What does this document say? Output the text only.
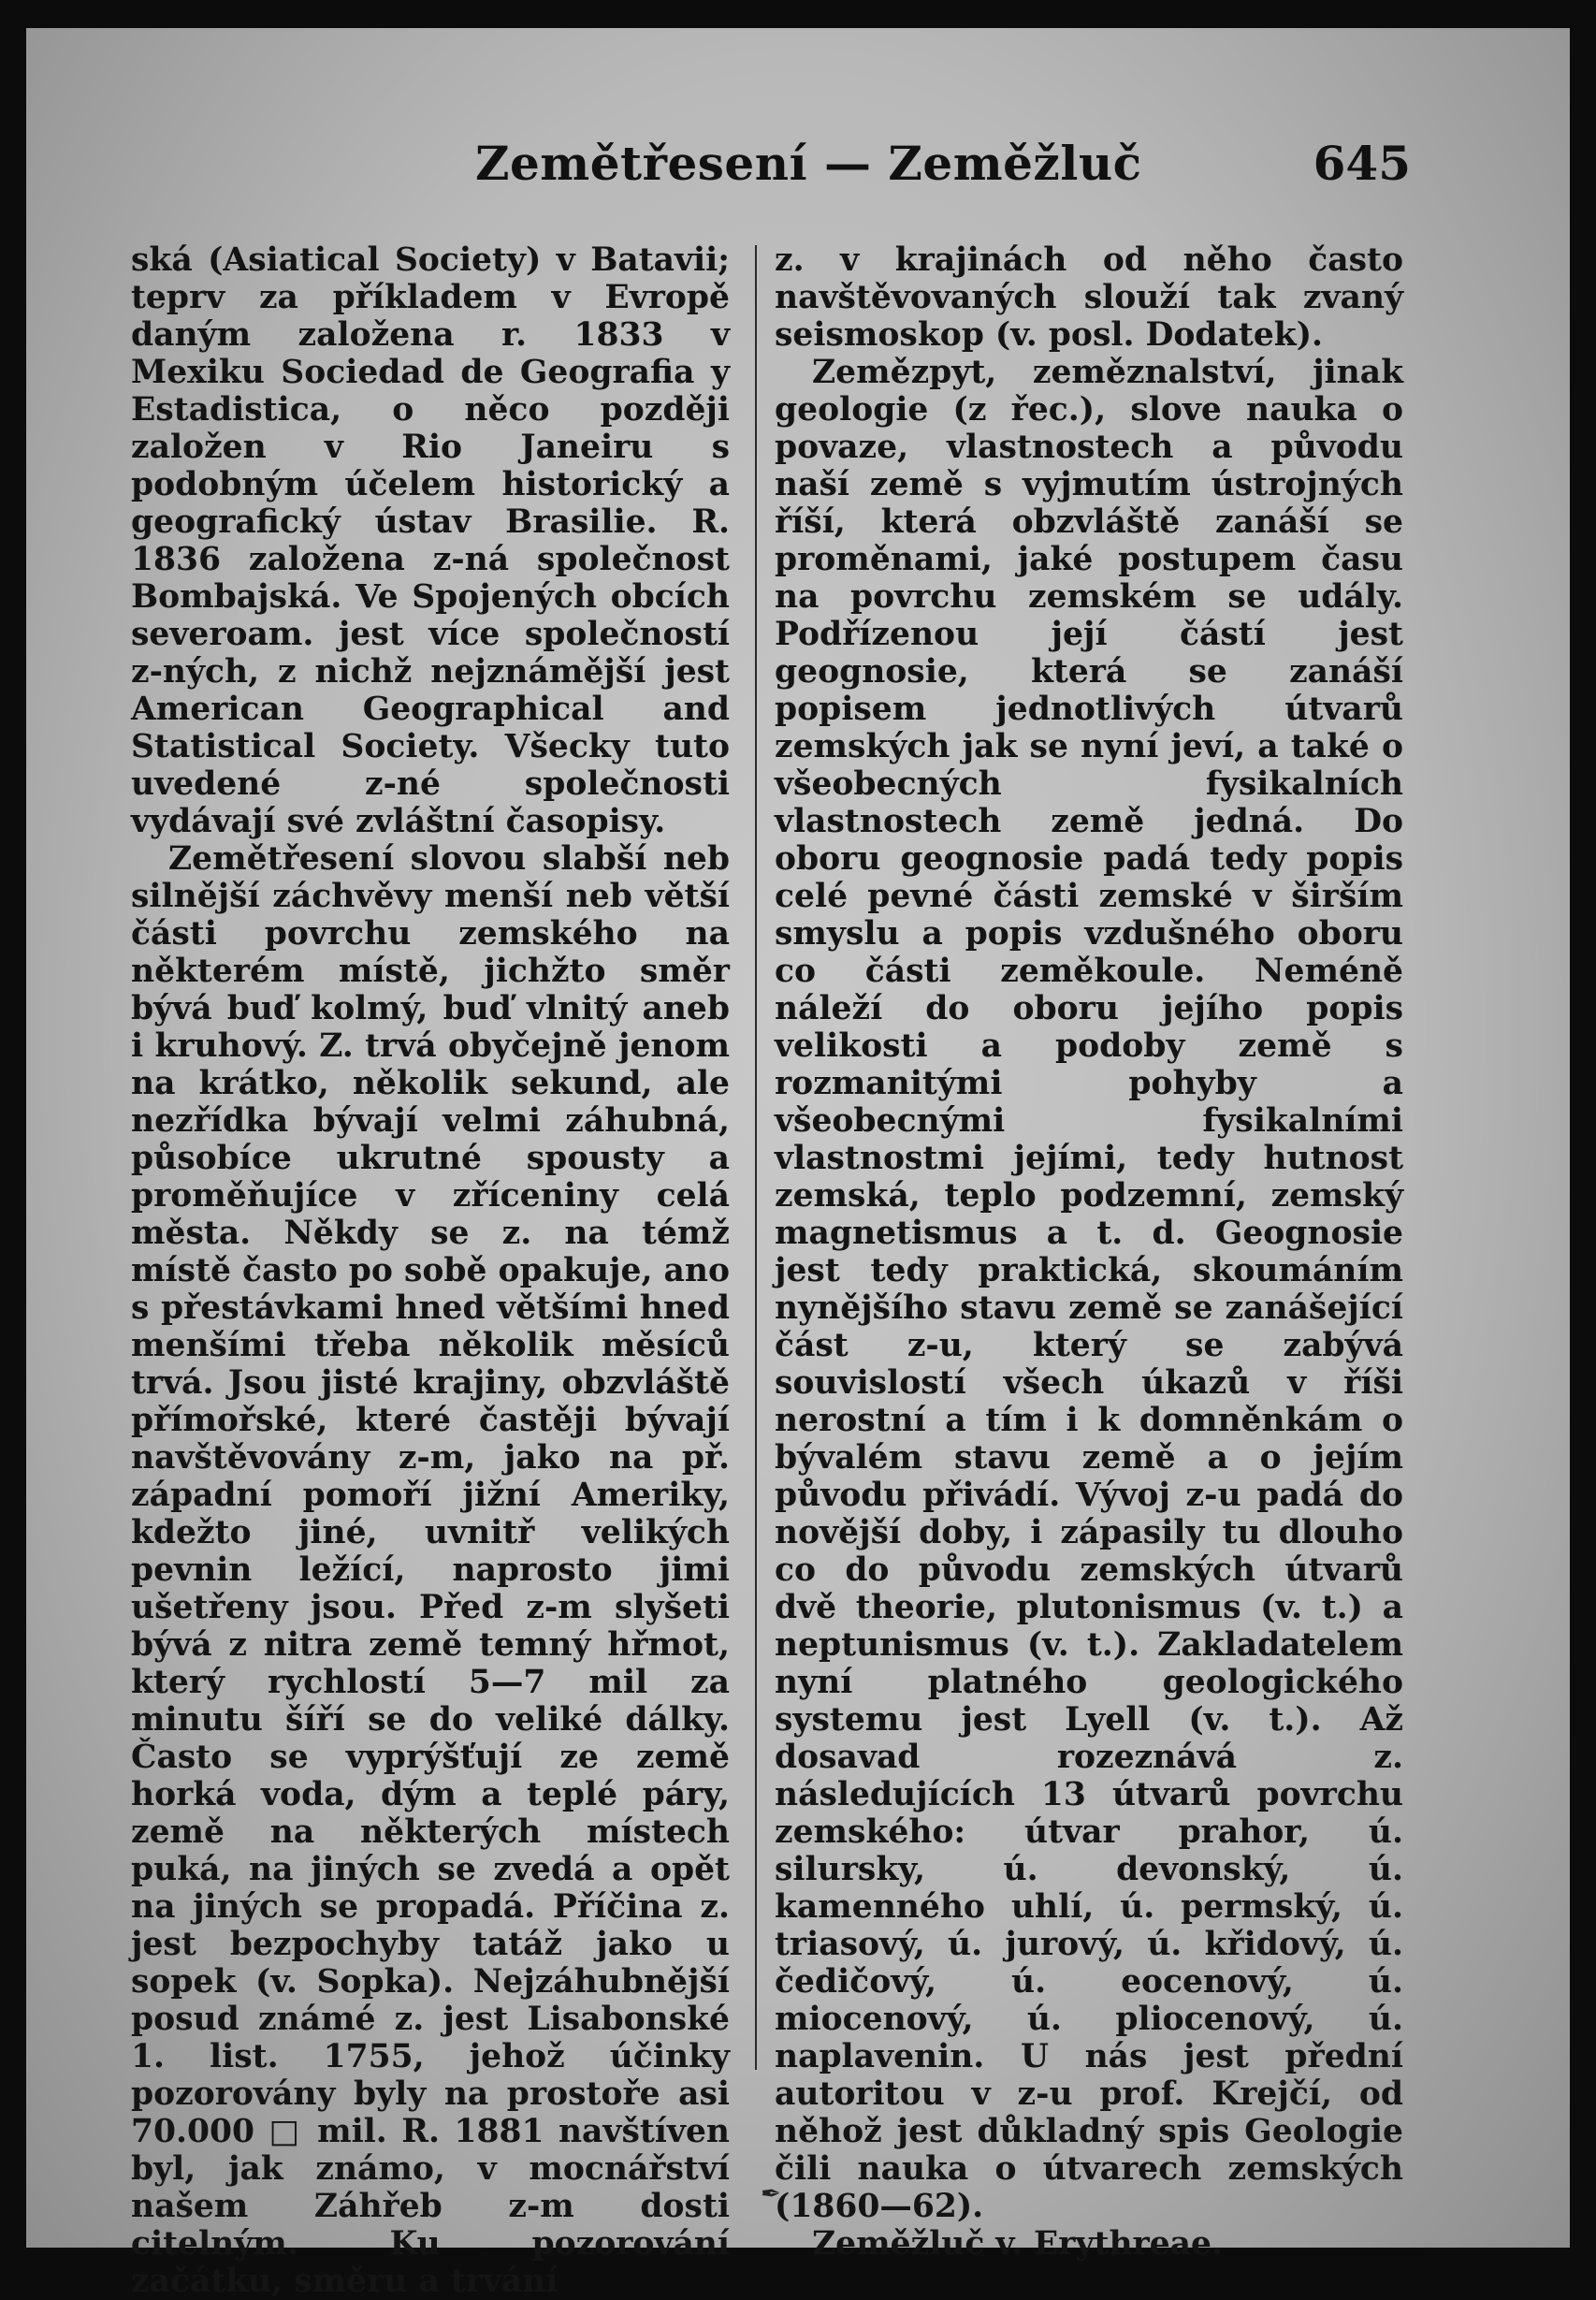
Zemětřesení — Zeměžluč	645

ská (Asiatical Society) v Batavii; teprv za příkladem v Evropě daným založena r. 1833 v Mexiku Sociedad de Geografia y Estadistica, o něco později založen v Rio Janeiru s podobným účelem historický a geografický ústav Brasilie. R. 1836 založena z-ná společnost Bombajská. Ve Spojených obcích severoam. jest více společností z-ných, z nichž nejznámější jest American Geographical and Statistical Society. Všecky tuto uvedené z-né společnosti vydávají své zvláštní časopisy.

Zemětřesení slovou slabší neb silnější záchvěvy menší neb větší části povrchu zemského na některém místě, jichžto směr bývá buď kolmý, buď vlnitý aneb i kruhový. Z. trvá obyčejně jenom na krátko, několik sekund, ale nezřídka bývají velmi záhubná, působíce ukrutné spousty a proměňujíce v zříceniny celá města. Někdy se z. na témž místě často po sobě opakuje, ano s přestávkami hned většími hned menšími třeba několik měsíců trvá. Jsou jisté krajiny, obzvláště přímořské, které častěji bývají navštěvovány z-m, jako na př. západní pomoří jižní Ameriky, kdežto jiné, uvnitř velikých pevnin ležící, naprosto jimi ušetřeny jsou. Před z-m slyšeti bývá z nitra země temný hřmot, který rychlostí 5—7 mil za minutu šíří se do veliké dálky. Často se vyprýšťují ze země horká voda, dým a teplé páry, země na některých místech puká, na jiných se zvedá a opět na jiných se propadá. Příčina z. jest bezpochyby tatáž jako u sopek (v. Sopka). Nejzáhubnější posud známé z. jest Lisabonské 1. list. 1755, jehož účinky pozorovány byly na prostoře asi 70.000 □ mil. R. 1881 navštíven byl, jak známo, v mocnářství našem Záhřeb z-m dosti citelným. Ku pozorování začátku, směru a trvání

z. v krajinách od něho často navštěvovaných slouží tak zvaný seismoskop (v. posl. Dodatek).

Zemězpyt, zeměznalství, jinak geologie (z řec.), slove nauka o povaze, vlastnostech a původu naší země s vyjmutím ústrojných říší, která obzvláště zanáší se proměnami, jaké postupem času na povrchu zemském se udály. Podřízenou její částí jest geognosie, která se zanáší popisem jednotlivých útvarů zemských jak se nyní jeví, a také o všeobecných fysikalních vlastnostech země jedná. Do oboru geognosie padá tedy popis celé pevné části zemské v širším smyslu a popis vzdušného oboru co části zeměkoule. Neméně náleží do oboru jejího popis velikosti a podoby země s rozmanitými pohyby a všeobecnými fysikalními vlastnostmi jejími, tedy hutnost zemská, teplo podzemní, zemský magnetismus a t. d. Geognosie jest tedy praktická, skoumáním nynějšího stavu země se zanášející část z-u, který se zabývá souvislostí všech úkazů v říši nerostní a tím i k domněnkám o bývalém stavu země a o jejím původu přivádí. Vývoj z-u padá do novější doby, i zápasily tu dlouho co do původu zemských útvarů dvě theorie, plutonismus (v. t.) a neptunismus (v. t.). Zakladatelem nyní platného geologického systemu jest Lyell (v. t.). Až dosavad rozeznává z. následujících 13 útvarů povrchu zemského: útvar prahor, ú. silursky, ú. devonský, ú. kamenného uhlí, ú. permský, ú. triasový, ú. jurový, ú. křidový, ú. čedičový, ú. eocenový, ú. miocenový, ú. pliocenový, ú. naplavenin. U nás jest přední autoritou v z-u prof. Krejčí, od něhož jest důkladný spis Geologie čili nauka o útvarech zemských (1860—62).

Zeměžluč v. Erythreae.

✒
